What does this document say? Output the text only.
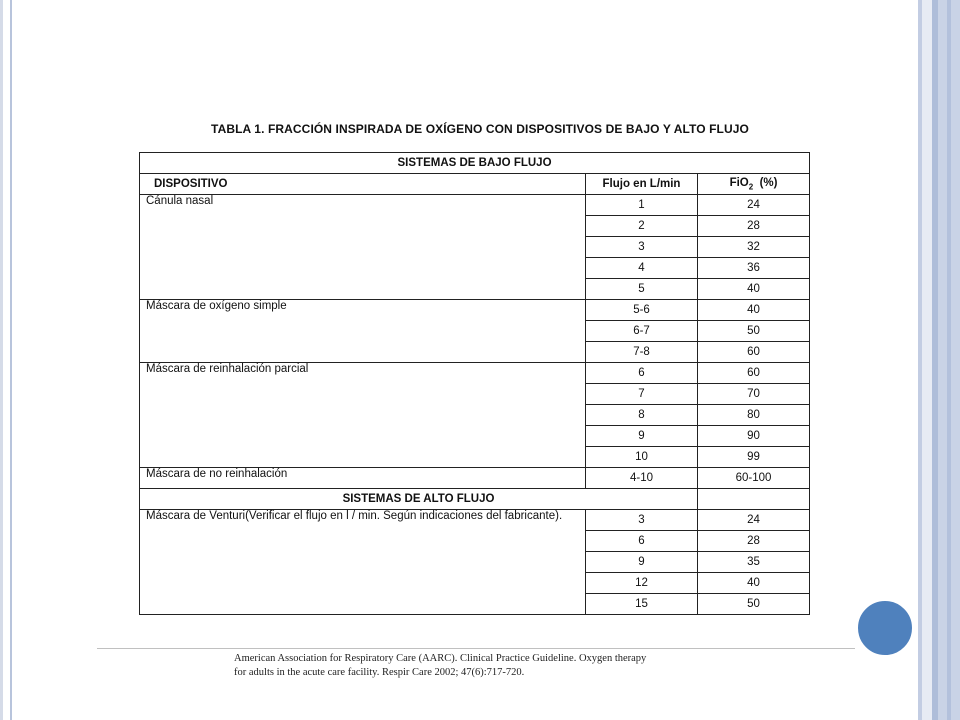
TABLA 1. FRACCIÓN INSPIRADA DE OXÍGENO CON DISPOSITIVOS DE BAJO Y ALTO FLUJO
SISTEMAS DE BAJO FLUJO		
DISPOSITIVO	Flujo en L/min	FiO$_2$  (%)
Cánula nasal	1	24
	2	28
	3	32
	4	36
	5	40
Máscara de oxígeno simple	5-6	40
	6-7	50
	7-8	60
Máscara de reinhalación parcial	6	60
	7	70
	8	80
	9	90
	10	99
Máscara de no reinhalación	4-10	60-100
SISTEMAS DE ALTO FLUJO		
Máscara de Venturi(Verificar el flujo en l / min. Según indicaciones del fabricante).	3	24
	6	28
	9	35
	12	40
	15	50
American Association for Respiratory Care (AARC). Clinical Practice Guideline. Oxygen therapy
for adults in the acute care facility. Respir Care 2002; 47(6):717-720.
